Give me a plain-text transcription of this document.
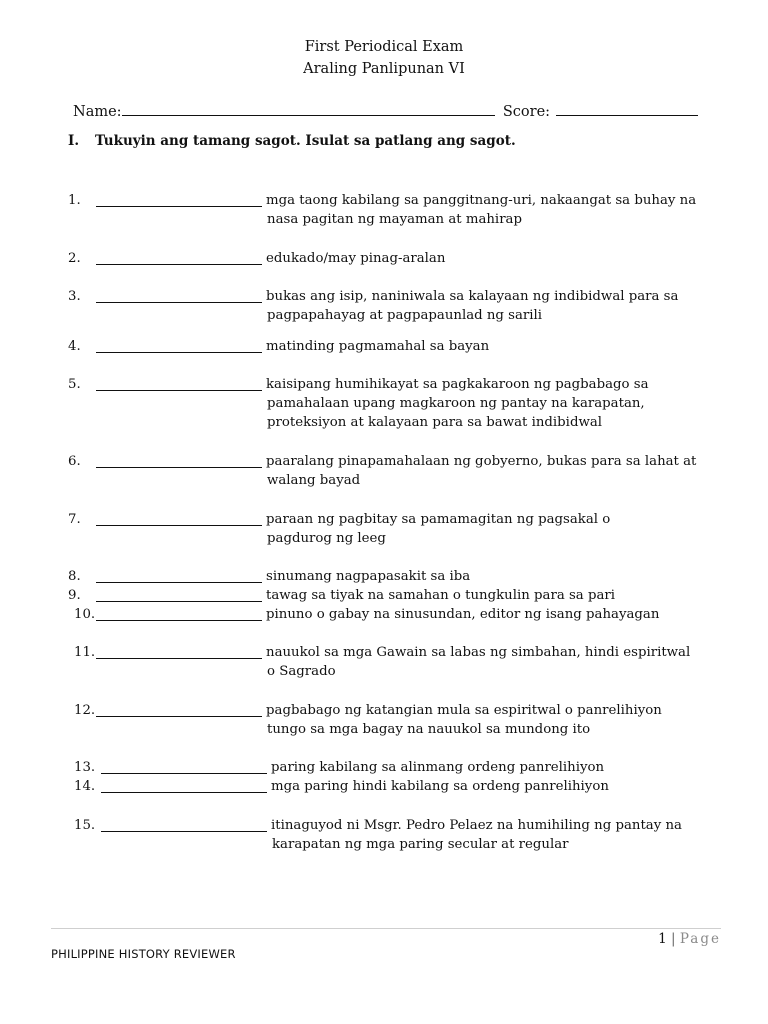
First Periodical Exam
Araling Panlipunan VI
Name:	Score:
I. Tukuyin ang tamang sagot. Isulat sa patlang ang sagot.
1.	mga taong kabilang sa panggitnang-uri, nakaangat sa buhay na
nasa pagitan ng mayaman at mahirap
2.	edukado/may pinag-aralan
3.	bukas ang isip, naniniwala sa kalayaan ng indibidwal para sa
pagpapahayag at pagpapaunlad ng sarili
4.	matinding pagmamahal sa bayan
5.	kaisipang humihikayat sa pagkakaroon ng pagbabago sa
pamahalaan upang magkaroon ng pantay na karapatan,
proteksiyon at kalayaan para sa bawat indibidwal
6.	paaralang pinapamahalaan ng gobyerno, bukas para sa lahat at
walang bayad
7.	paraan ng pagbitay sa pamamagitan ng pagsakal o
pagdurog ng leeg
8.	sinumang nagpapasakit sa iba
9.	tawag sa tiyak na samahan o tungkulin para sa pari
10.	pinuno o gabay na sinusundan, editor ng isang pahayagan
11.	nauukol sa mga Gawain sa labas ng simbahan, hindi espiritwal
o Sagrado
12.	pagbabago ng katangian mula sa espiritwal o panrelihiyon
tungo sa mga bagay na nauukol sa mundong ito
13.	paring kabilang sa alinmang ordeng panrelihiyon
14.	mga paring hindi kabilang sa ordeng panrelihiyon
15.	itinaguyod ni Msgr. Pedro Pelaez na humihiling ng pantay na
karapatan ng mga paring secular at regular
1 | Page
PHILIPPINE HISTORY REVIEWER
